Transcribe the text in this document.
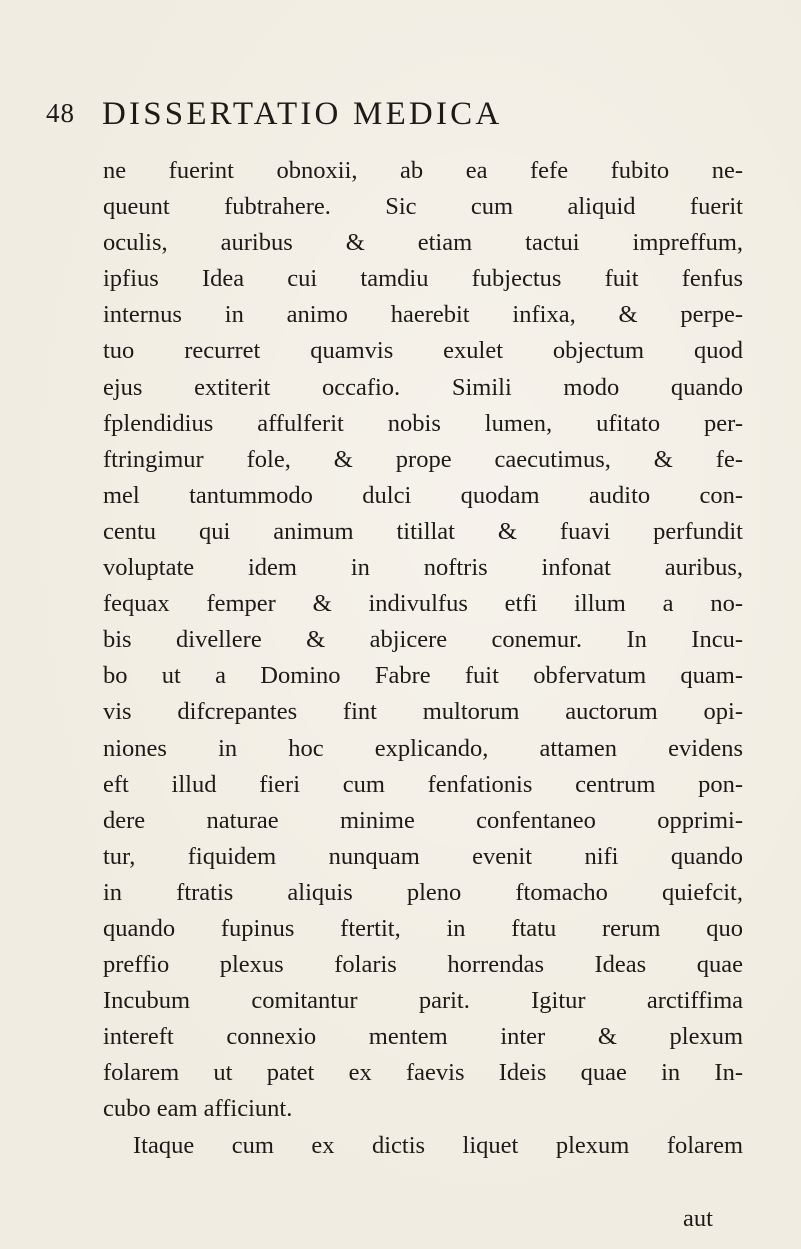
48 DISSERTATIO MEDICA
ne fuerint obnoxii, ab ea fefe fubito ne-
queunt fubtrahere. Sic cum aliquid fuerit
oculis, auribus & etiam tactui impreffum,
ipfius Idea cui tamdiu fubjectus fuit fenfus
internus in animo haerebit infixa, & perpe-
tuo recurret quamvis exulet objectum quod
ejus extiterit occafio. Simili modo quando
fplendidius affulferit nobis lumen, ufitato per-
ftringimur fole, & prope caecutimus, & fe-
mel tantummodo dulci quodam audito con-
centu qui animum titillat & fuavi perfundit
voluptate idem in noftris infonat auribus,
fequax femper & indivulfus etfi illum a no-
bis divellere & abjicere conemur. In Incu-
bo ut a Domino Fabre fuit obfervatum quam-
vis difcrepantes fint multorum auctorum opi-
niones in hoc explicando, attamen evidens
eft illud fieri cum fenfationis centrum pon-
dere naturae minime confentaneo opprimi-
tur, fiquidem nunquam evenit nifi quando
in ftratis aliquis pleno ftomacho quiefcit,
quando fupinus ftertit, in ftatu rerum quo
preffio plexus folaris horrendas Ideas quae
Incubum comitantur parit. Igitur arctiffima
intereft connexio mentem inter & plexum
folarem ut patet ex faevis Ideis quae in In-
cubo eam afficiunt.
Itaque cum ex dictis liquet plexum folarem
aut
